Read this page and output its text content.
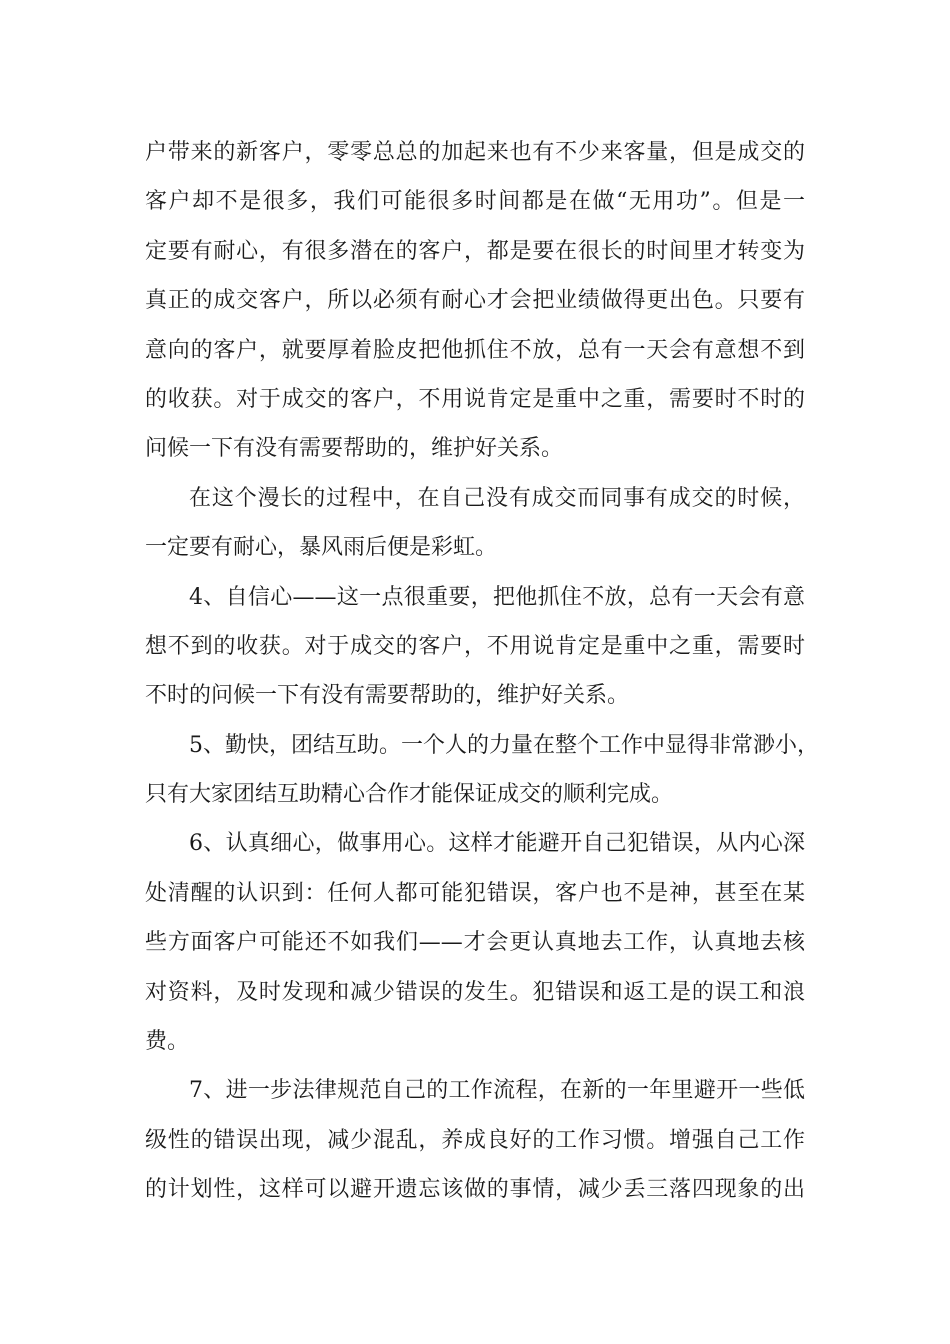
户带来的新客户，零零总总的加起来也有不少来客量，但是成交的
客户却不是很多，我们可能很多时间都是在做“无用功”。但是一
定要有耐心，有很多潜在的客户，都是要在很长的时间里才转变为
真正的成交客户，所以必须有耐心才会把业绩做得更出色。只要有
意向的客户，就要厚着脸皮把他抓住不放，总有一天会有意想不到
的收获。对于成交的客户，不用说肯定是重中之重，需要时不时的
问候一下有没有需要帮助的，维护好关系。
在这个漫长的过程中，在自己没有成交而同事有成交的时候，
一定要有耐心，暴风雨后便是彩虹。
4、自信心——这一点很重要，把他抓住不放，总有一天会有意
想不到的收获。对于成交的客户，不用说肯定是重中之重，需要时
不时的问候一下有没有需要帮助的，维护好关系。
5、勤快，团结互助。一个人的力量在整个工作中显得非常渺小，
只有大家团结互助精心合作才能保证成交的顺利完成。
6、认真细心，做事用心。这样才能避开自己犯错误，从内心深
处清醒的认识到：任何人都可能犯错误，客户也不是神，甚至在某
些方面客户可能还不如我们——才会更认真地去工作，认真地去核
对资料，及时发现和减少错误的发生。犯错误和返工是的误工和浪
费。
7、进一步法律规范自己的工作流程，在新的一年里避开一些低
级性的错误出现，减少混乱，养成良好的工作习惯。增强自己工作
的计划性，这样可以避开遗忘该做的事情，减少丢三落四现象的出
